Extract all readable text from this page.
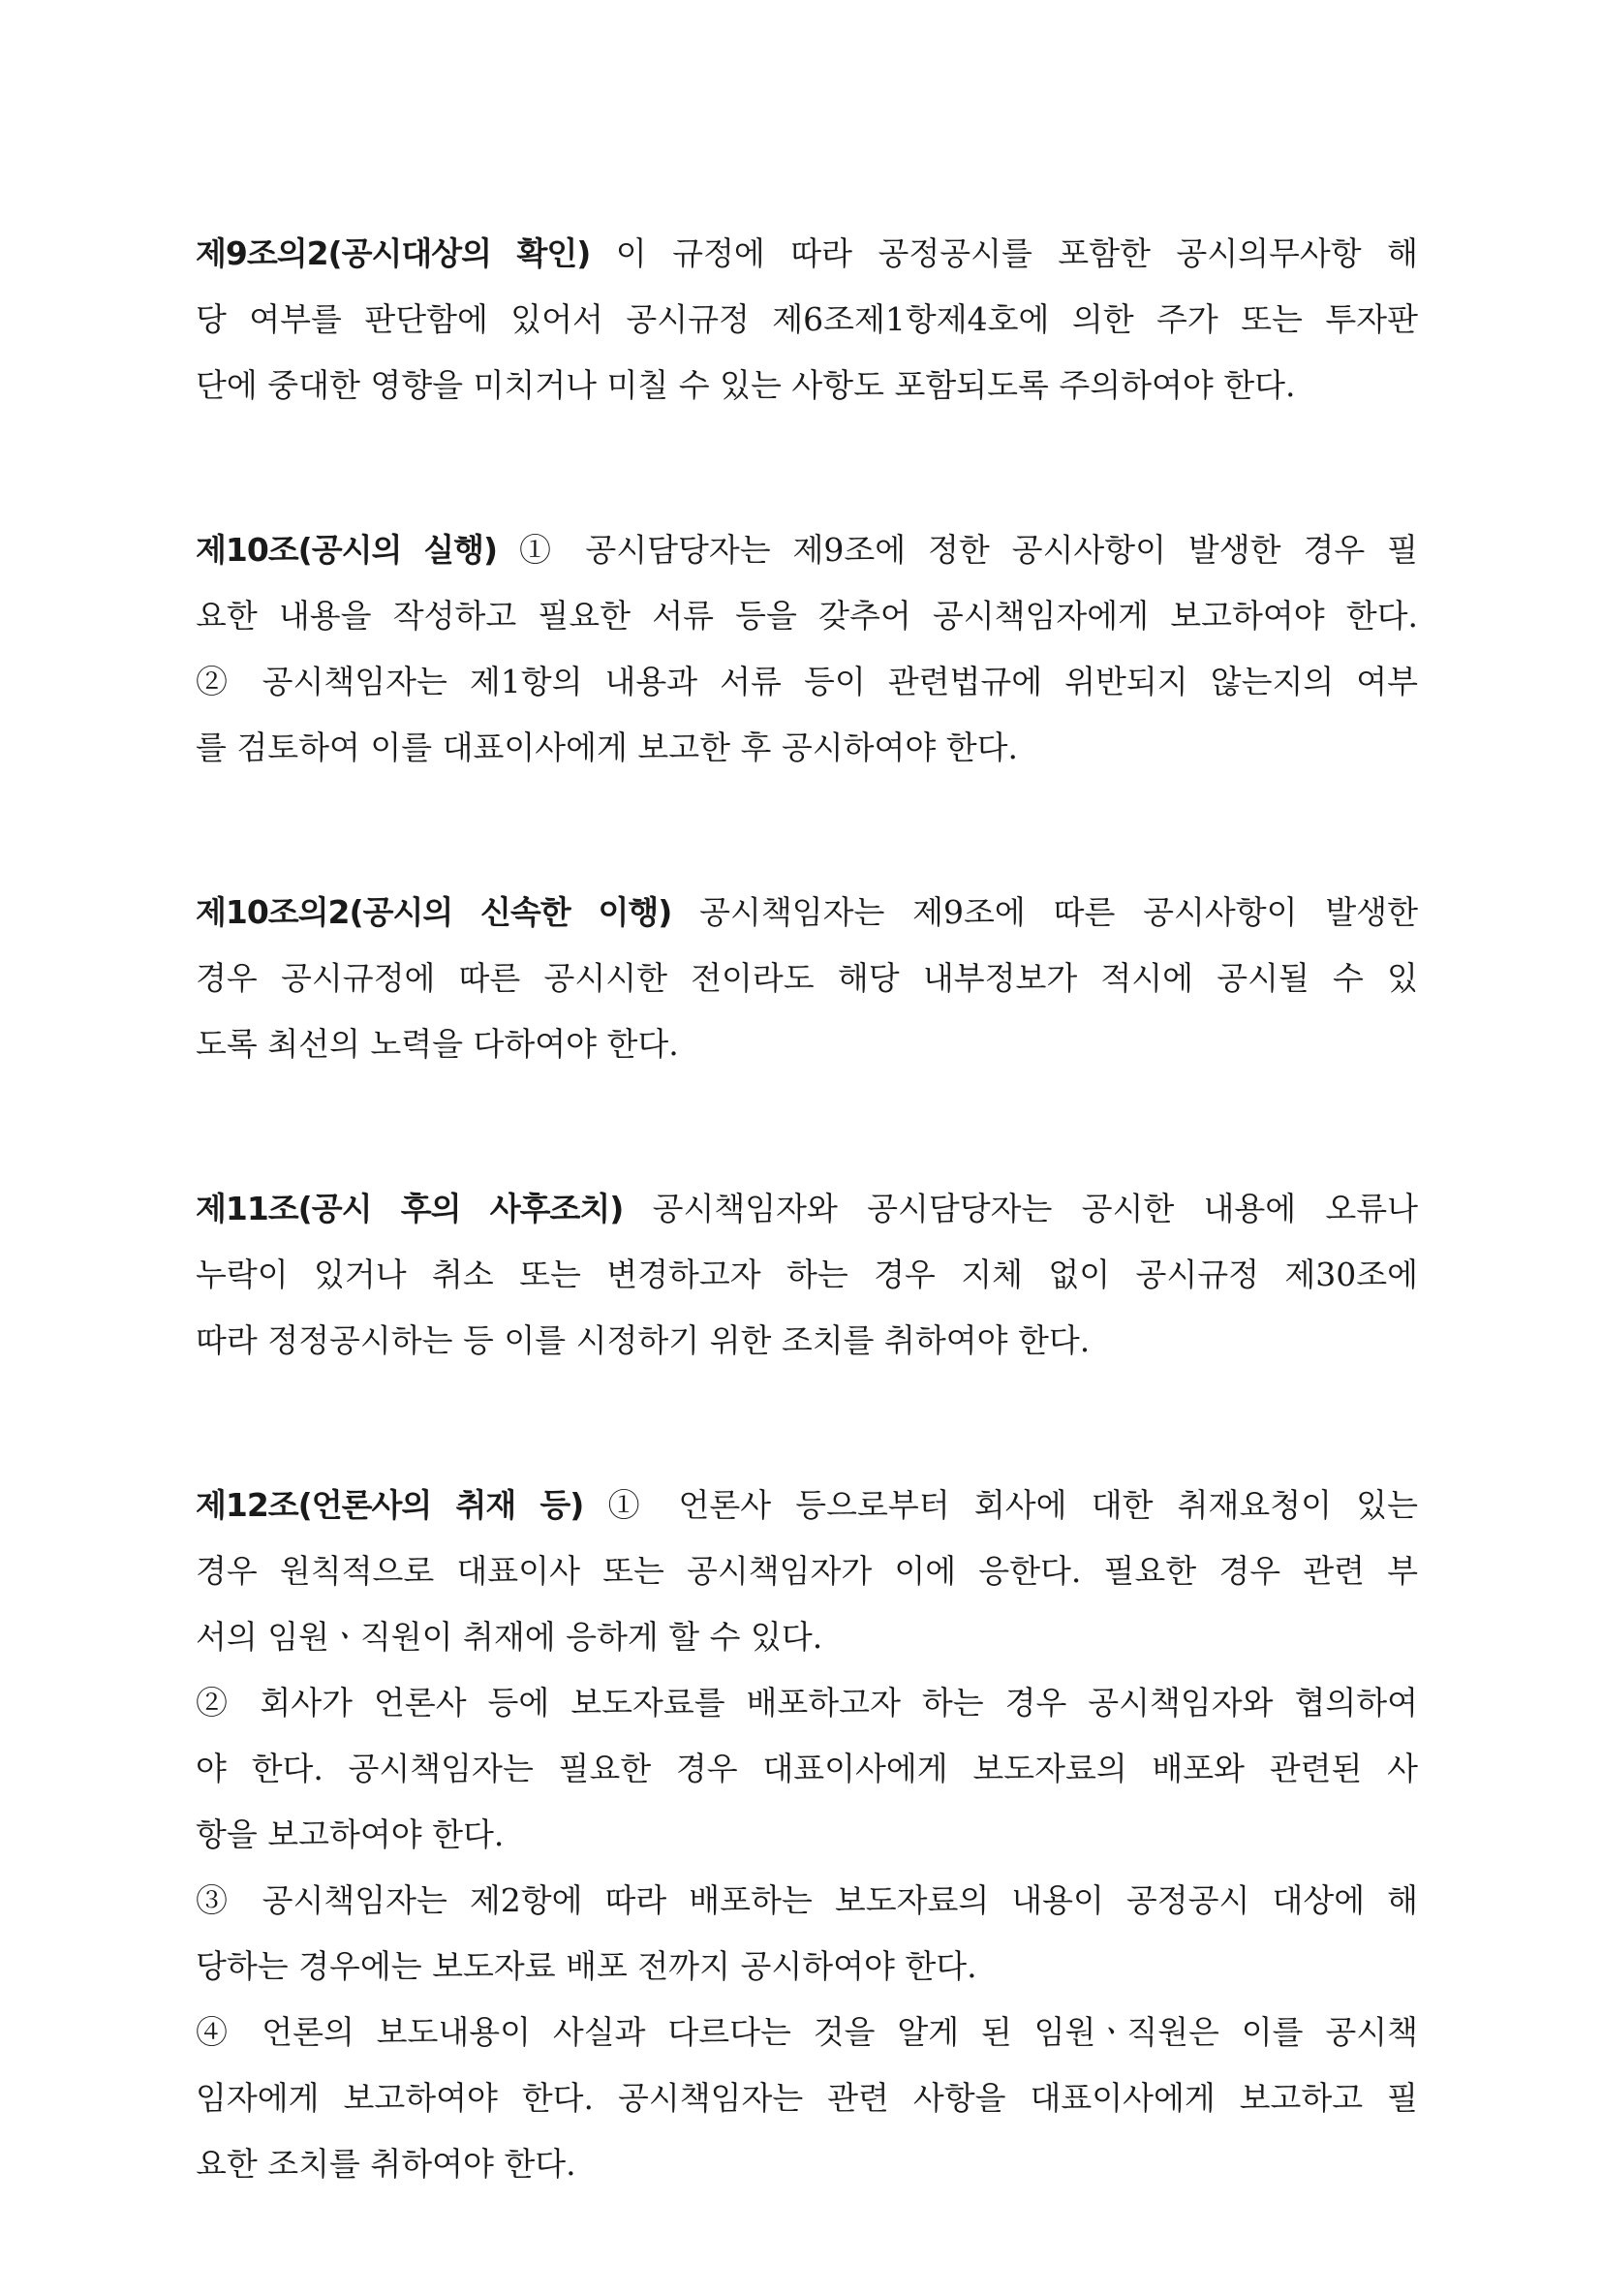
제9조의2(공시대상의 확인) 이 규정에 따라 공정공시를 포함한 공시의무사항 해
당 여부를 판단함에 있어서 공시규정 제6조제1항제4호에 의한 주가 또는 투자판
단에 중대한 영향을 미치거나 미칠 수 있는 사항도 포함되도록 주의하여야 한다.
제10조(공시의 실행) ① 공시담당자는 제9조에 정한 공시사항이 발생한 경우 필
요한 내용을 작성하고 필요한 서류 등을 갖추어 공시책임자에게 보고하여야 한다.
② 공시책임자는 제1항의 내용과 서류 등이 관련법규에 위반되지 않는지의 여부
를 검토하여 이를 대표이사에게 보고한 후 공시하여야 한다.
제10조의2(공시의 신속한 이행) 공시책임자는 제9조에 따른 공시사항이 발생한
경우 공시규정에 따른 공시시한 전이라도 해당 내부정보가 적시에 공시될 수 있
도록 최선의 노력을 다하여야 한다.
제11조(공시 후의 사후조치) 공시책임자와 공시담당자는 공시한 내용에 오류나
누락이 있거나 취소 또는 변경하고자 하는 경우 지체 없이 공시규정 제30조에
따라 정정공시하는 등 이를 시정하기 위한 조치를 취하여야 한다.
제12조(언론사의 취재 등) ① 언론사 등으로부터 회사에 대한 취재요청이 있는
경우 원칙적으로 대표이사 또는 공시책임자가 이에 응한다. 필요한 경우 관련 부
서의 임원ㆍ직원이 취재에 응하게 할 수 있다.
② 회사가 언론사 등에 보도자료를 배포하고자 하는 경우 공시책임자와 협의하여
야 한다. 공시책임자는 필요한 경우 대표이사에게 보도자료의 배포와 관련된 사
항을 보고하여야 한다.
③ 공시책임자는 제2항에 따라 배포하는 보도자료의 내용이 공정공시 대상에 해
당하는 경우에는 보도자료 배포 전까지 공시하여야 한다.
④ 언론의 보도내용이 사실과 다르다는 것을 알게 된 임원ㆍ직원은 이를 공시책
임자에게 보고하여야 한다. 공시책임자는 관련 사항을 대표이사에게 보고하고 필
요한 조치를 취하여야 한다.
